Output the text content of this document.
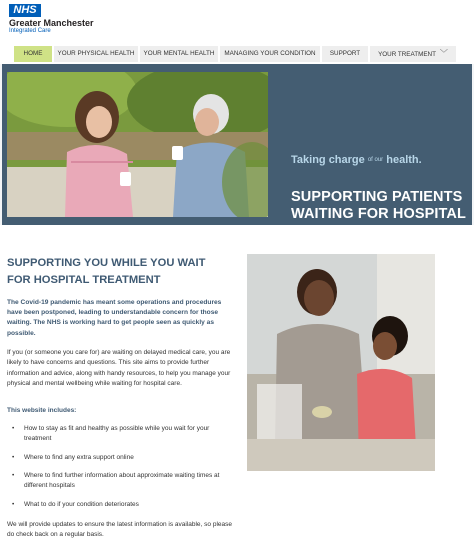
NHS
Greater Manchester
Integrated Care
HOME	YOUR PHYSICAL HEALTH	YOUR MENTAL HEALTH	MANAGING YOUR CONDITION	SUPPORT	YOUR TREATMENT ﹀
Taking charge of our health.
SUPPORTING PATIENTS WAITING FOR HOSPITAL TREATMENT
SUPPORTING YOU WHILE YOU WAIT FOR HOSPITAL TREATMENT
The Covid-19 pandemic has meant some operations and procedures have been postponed, leading to understandable concern for those waiting. The NHS is working hard to get people seen as quickly as possible.
If you (or someone you care for) are waiting on delayed medical care, you are likely to have concerns and questions. This site aims to provide further information and advice, along with handy resources, to help you manage your physical and mental wellbeing while waiting for hospital care.
This website includes:
• How to stay as fit and healthy as possible while you wait for your treatment
• Where to find any extra support online
• Where to find further information about approximate waiting times at different hospitals
• What to do if your condition deteriorates
We will provide updates to ensure the latest information is available, so please do check back on a regular basis.
